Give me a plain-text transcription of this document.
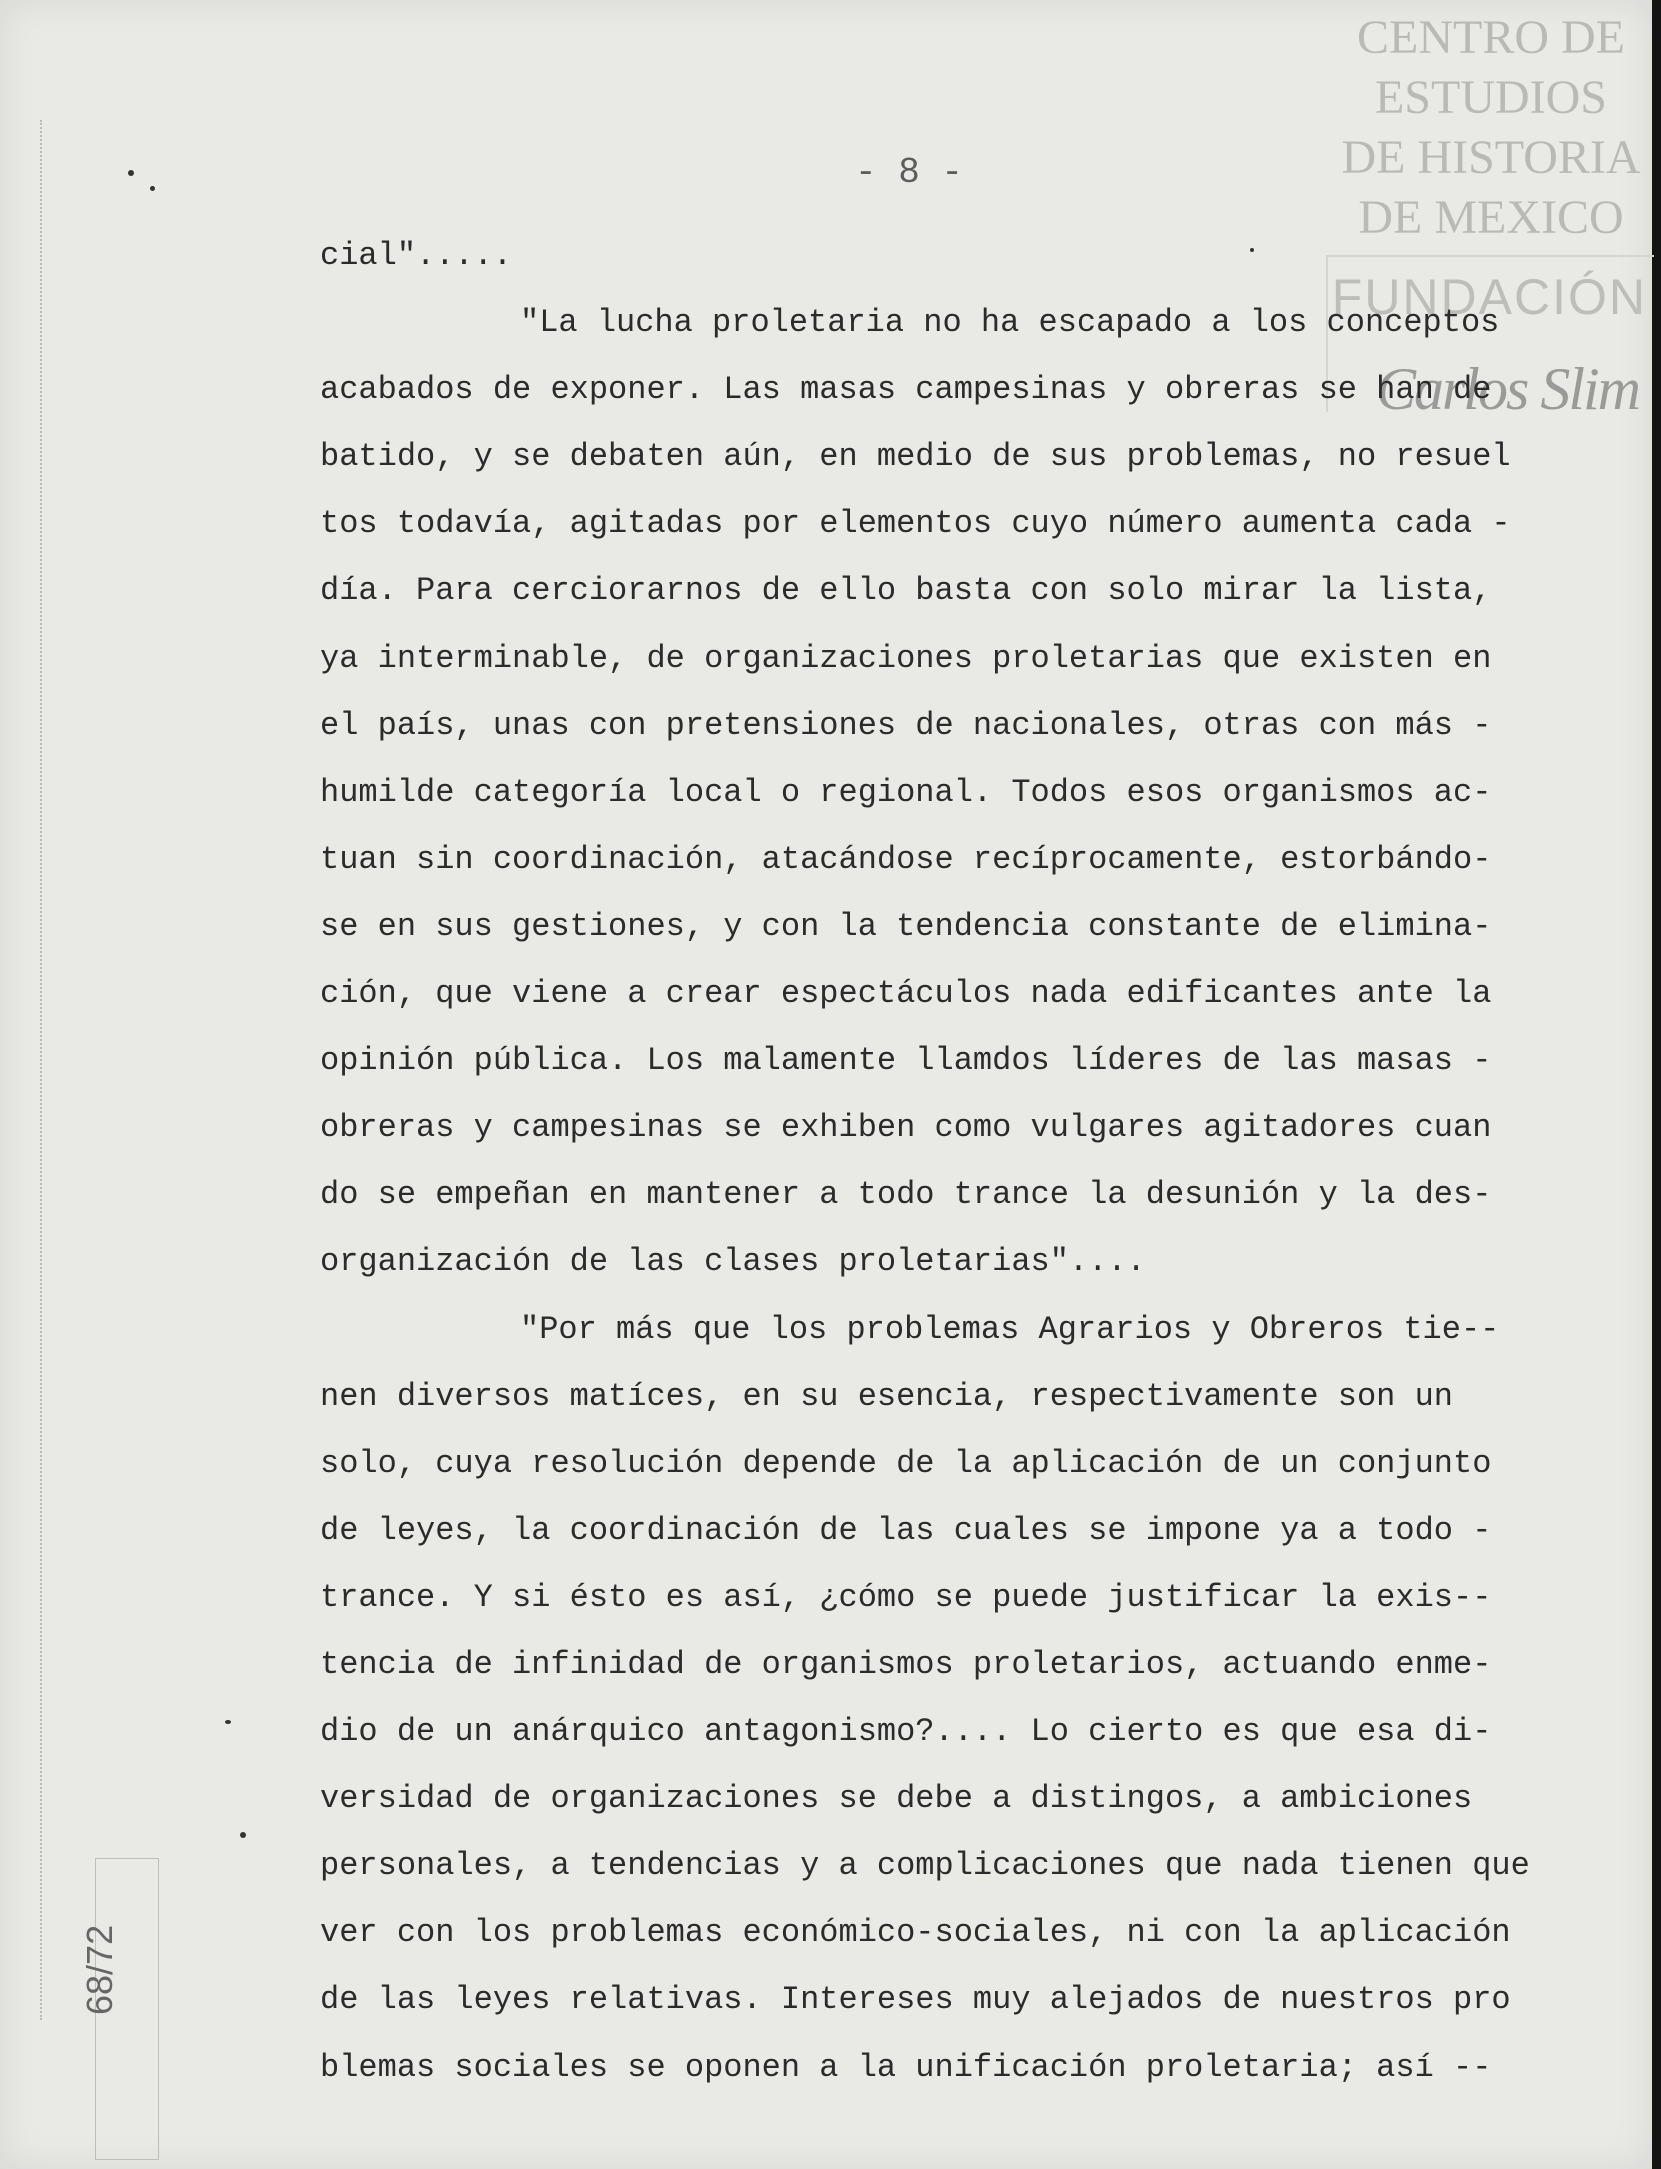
CENTRO DE
ESTUDIOS
DE HISTORIA
DE MEXICO
FUNDACIÓN
Carlos Slim
- 8 -
cial".....
"La lucha proletaria no ha escapado a los conceptos
acabados de exponer. Las masas campesinas y obreras se han de
batido, y se debaten aún, en medio de sus problemas, no resuel
tos todavía, agitadas por elementos cuyo número aumenta cada -
día. Para cerciorarnos de ello basta con solo mirar la lista,
ya interminable, de organizaciones proletarias que existen en
el país, unas con pretensiones de nacionales, otras con más -
humilde categoría local o regional. Todos esos organismos ac-
tuan sin coordinación, atacándose recíprocamente, estorbándo-
se en sus gestiones, y con la tendencia constante de elimina-
ción, que viene a crear espectáculos nada edificantes ante la
opinión pública. Los malamente llamdos líderes de las masas -
obreras y campesinas se exhiben como vulgares agitadores cuan
do se empeñan en mantener a todo trance la desunión y la des-
organización de las clases proletarias"....
"Por más que los problemas Agrarios y Obreros tie--
nen diversos matíces, en su esencia, respectivamente son un
solo, cuya resolución depende de la aplicación de un conjunto
de leyes, la coordinación de las cuales se impone ya a todo -
trance. Y si ésto es así, ¿cómo se puede justificar la exis--
tencia de infinidad de organismos proletarios, actuando enme-
dio de un anárquico antagonismo?.... Lo cierto es que esa di-
versidad de organizaciones se debe a distingos, a ambiciones
personales, a tendencias y a complicaciones que nada tienen que
ver con los problemas económico-sociales, ni con la aplicación
de las leyes relativas. Intereses muy alejados de nuestros pro
blemas sociales se oponen a la unificación proletaria; así --
68/72
